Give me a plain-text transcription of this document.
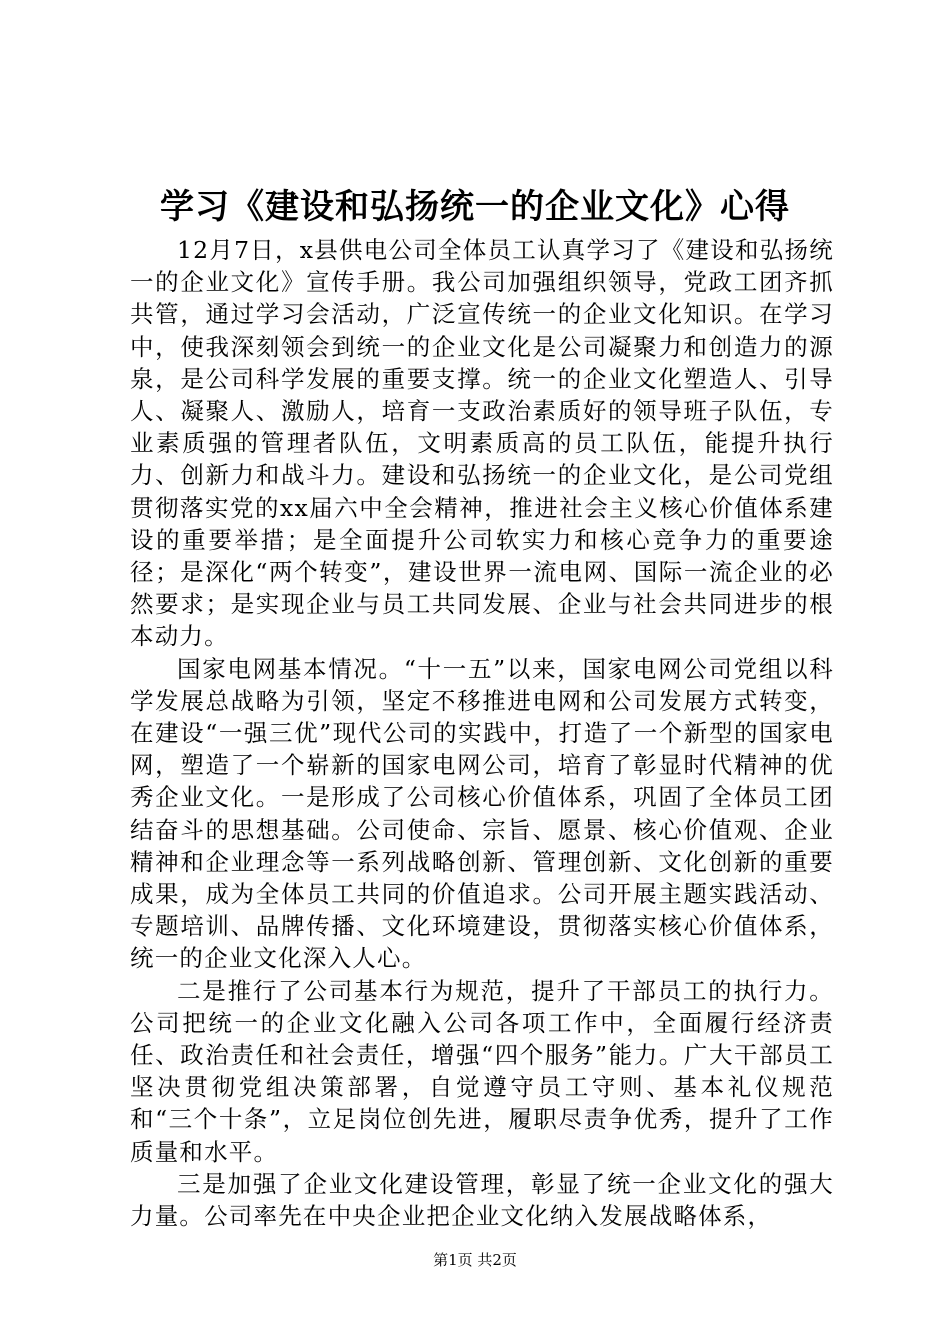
学习《建设和弘扬统一的企业文化》心得

12月7日，x县供电公司全体员工认真学习了《建设和弘扬统一的企业文化》宣传手册。我公司加强组织领导，党政工团齐抓共管，通过学习会活动，广泛宣传统一的企业文化知识。在学习中，使我深刻领会到统一的企业文化是公司凝聚力和创造力的源泉，是公司科学发展的重要支撑。统一的企业文化塑造人、引导人、凝聚人、激励人，培育一支政治素质好的领导班子队伍，专业素质强的管理者队伍，文明素质高的员工队伍，能提升执行力、创新力和战斗力。建设和弘扬统一的企业文化，是公司党组贯彻落实党的xx届六中全会精神，推进社会主义核心价值体系建设的重要举措；是全面提升公司软实力和核心竞争力的重要途径；是深化“两个转变”，建设世界一流电网、国际一流企业的必然要求；是实现企业与员工共同发展、企业与社会共同进步的根本动力。

国家电网基本情况。“十一五”以来，国家电网公司党组以科学发展总战略为引领，坚定不移推进电网和公司发展方式转变，在建设“一强三优”现代公司的实践中，打造了一个新型的国家电网，塑造了一个崭新的国家电网公司，培育了彰显时代精神的优秀企业文化。一是形成了公司核心价值体系，巩固了全体员工团结奋斗的思想基础。公司使命、宗旨、愿景、核心价值观、企业精神和企业理念等一系列战略创新、管理创新、文化创新的重要成果，成为全体员工共同的价值追求。公司开展主题实践活动、专题培训、品牌传播、文化环境建设，贯彻落实核心价值体系，统一的企业文化深入人心。

二是推行了公司基本行为规范，提升了干部员工的执行力。公司把统一的企业文化融入公司各项工作中，全面履行经济责任、政治责任和社会责任，增强“四个服务”能力。广大干部员工坚决贯彻党组决策部署，自觉遵守员工守则、基本礼仪规范和“三个十条”，立足岗位创先进，履职尽责争优秀，提升了工作质量和水平。

三是加强了企业文化建设管理，彰显了统一企业文化的强大力量。公司率先在中央企业把企业文化纳入发展战略体系，

第1页 共2页
